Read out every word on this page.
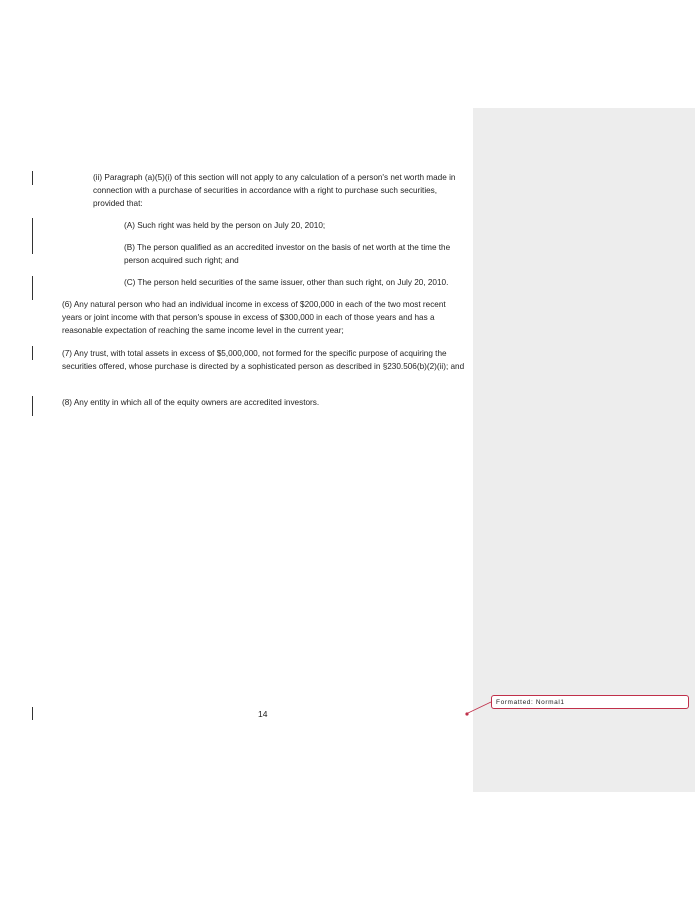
(ii) Paragraph (a)(5)(i) of this section will not apply to any calculation of a person's net worth made in connection with a purchase of securities in accordance with a right to purchase such securities, provided that:

(A) Such right was held by the person on July 20, 2010;

(B) The person qualified as an accredited investor on the basis of net worth at the time the person acquired such right; and

(C) The person held securities of the same issuer, other than such right, on July 20, 2010.

(6) Any natural person who had an individual income in excess of $200,000 in each of the two most recent years or joint income with that person's spouse in excess of $300,000 in each of those years and has a reasonable expectation of reaching the same income level in the current year;

(7) Any trust, with total assets in excess of $5,000,000, not formed for the specific purpose of acquiring the securities offered, whose purchase is directed by a sophisticated person as described in §230.506(b)(2)(ii); and

(8) Any entity in which all of the equity owners are accredited investors.

14
Formatted: Normal1
